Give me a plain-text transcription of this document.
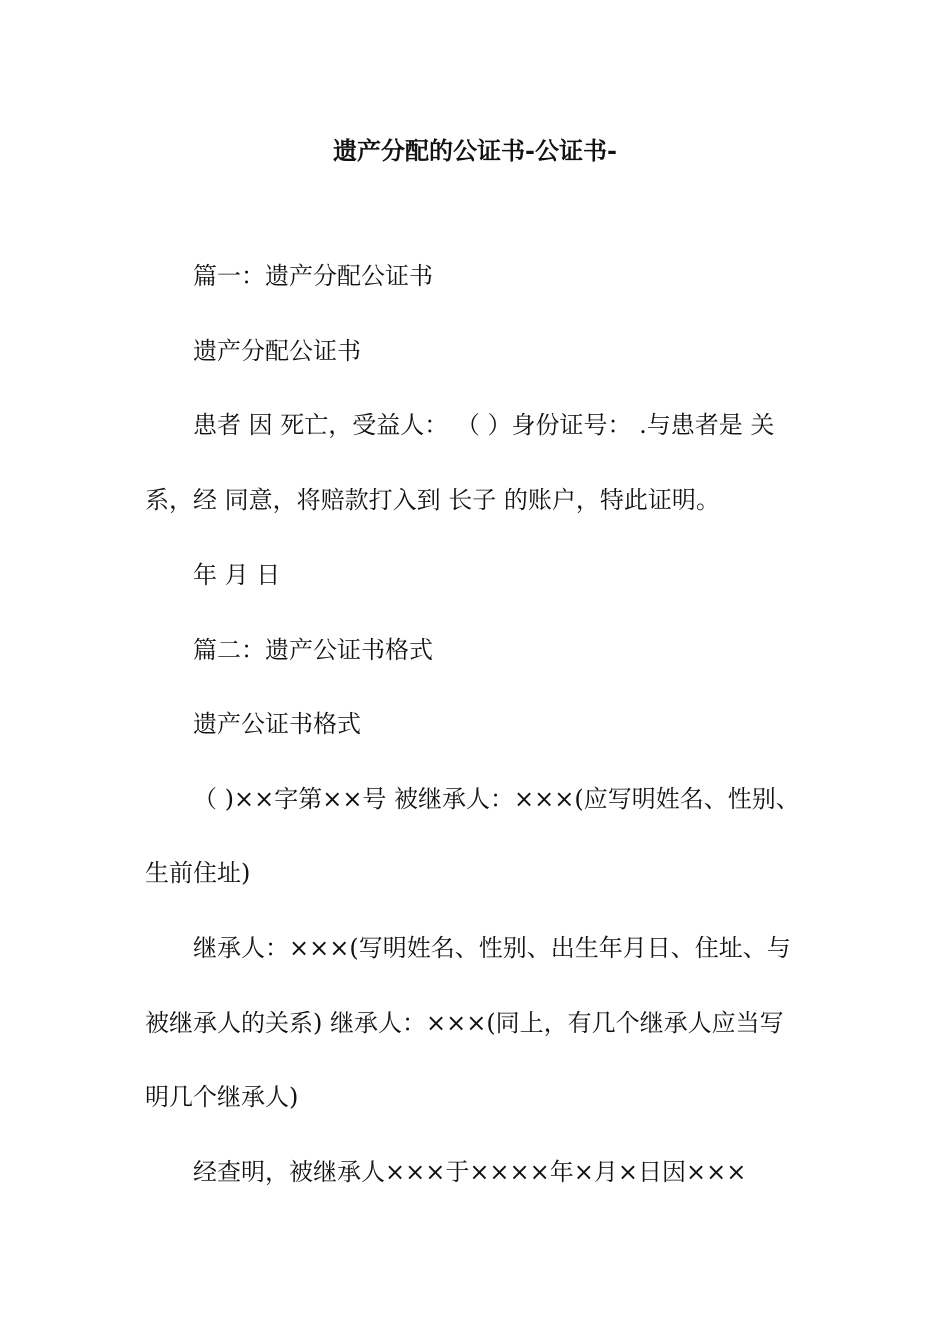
遗产分配的公证书-公证书-
篇一：遗产分配公证书
遗产分配公证书
患者 因 死亡，受益人： （ ）身份证号： .与患者是 关
系，经 同意，将赔款打入到 长子 的账户，特此证明。
年 月 日
篇二：遗产公证书格式
遗产公证书格式
（ )××字第××号 被继承人：×××(应写明姓名、性别、
生前住址)
继承人：×××(写明姓名、性别、出生年月日、住址、与
被继承人的关系) 继承人：×××(同上，有几个继承人应当写
明几个继承人)
经查明，被继承人×××于××××年×月×日因×××
